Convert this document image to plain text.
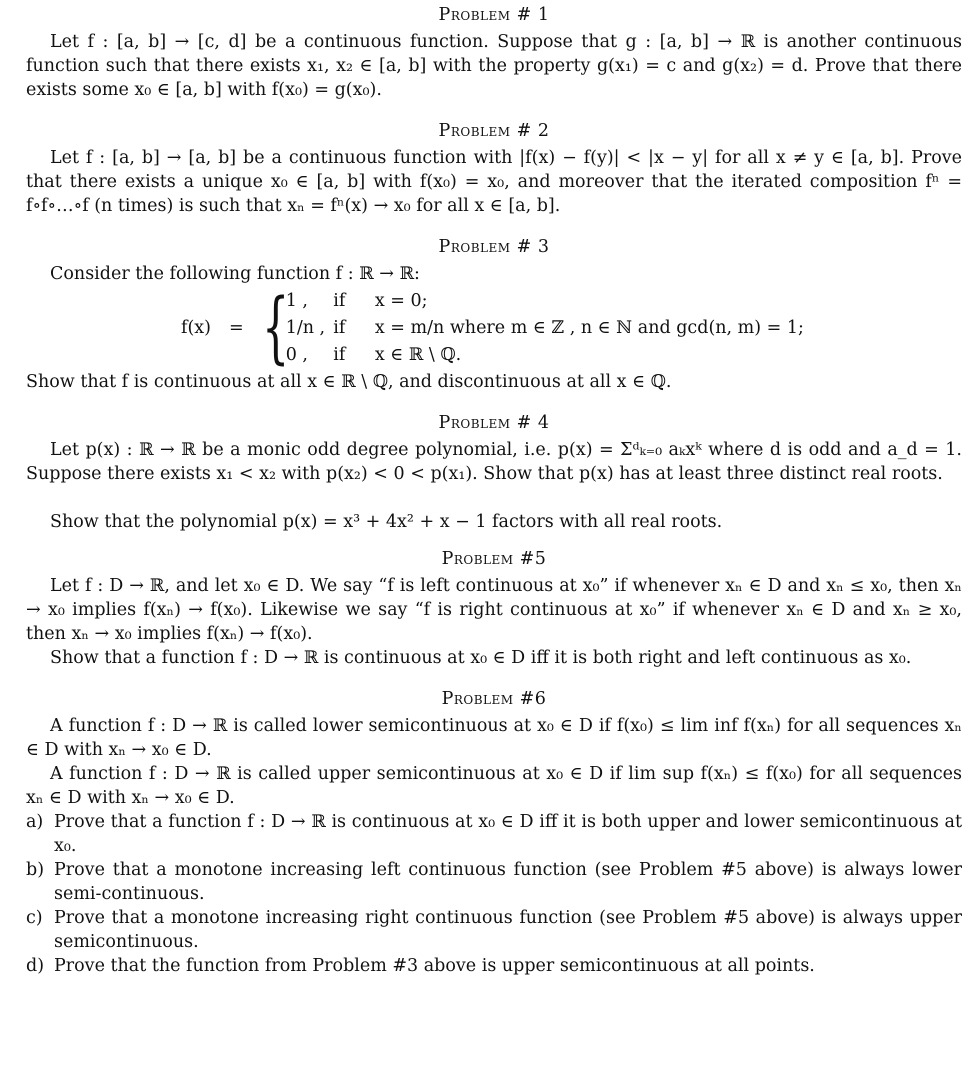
Problem # 1

Let f : [a, b] → [c, d] be a continuous function. Suppose that g : [a, b] → ℝ is another continuous function such that there exists x₁, x₂ ∈ [a, b] with the property g(x₁) = c and g(x₂) = d. Prove that there exists some x₀ ∈ [a, b] with f(x₀) = g(x₀).

Problem # 2

Let f : [a, b] → [a, b] be a continuous function with |f(x) − f(y)| < |x − y| for all x ≠ y ∈ [a, b]. Prove that there exists a unique x₀ ∈ [a, b] with f(x₀) = x₀, and moreover that the iterated composition fⁿ = f∘f∘…∘f (n times) is such that xₙ = fⁿ(x) → x₀ for all x ∈ [a, b].

Problem # 3

Consider the following function f : ℝ → ℝ:

f(x) = {
1 , if x = 0;
1/n , if x = m/n where m ∈ ℤ , n ∈ ℕ and gcd(n, m) = 1;
0 , if x ∈ ℝ \ ℚ.

Show that f is continuous at all x ∈ ℝ \ ℚ, and discontinuous at all x ∈ ℚ.

Problem # 4

Let p(x) : ℝ → ℝ be a monic odd degree polynomial, i.e. p(x) = Σᵈₖ₌₀ aₖxᵏ where d is odd and a_d = 1. Suppose there exists x₁ < x₂ with p(x₂) < 0 < p(x₁). Show that p(x) has at least three distinct real roots.

Show that the polynomial p(x) = x³ + 4x² + x − 1 factors with all real roots.

Problem #5

Let f : D → ℝ, and let x₀ ∈ D. We say “f is left continuous at x₀” if whenever xₙ ∈ D and xₙ ≤ x₀, then xₙ → x₀ implies f(xₙ) → f(x₀). Likewise we say “f is right continuous at x₀” if whenever xₙ ∈ D and xₙ ≥ x₀, then xₙ → x₀ implies f(xₙ) → f(x₀).

Show that a function f : D → ℝ is continuous at x₀ ∈ D iff it is both right and left continuous as x₀.

Problem #6

A function f : D → ℝ is called lower semicontinuous at x₀ ∈ D if f(x₀) ≤ lim inf f(xₙ) for all sequences xₙ ∈ D with xₙ → x₀ ∈ D.

A function f : D → ℝ is called upper semicontinuous at x₀ ∈ D if lim sup f(xₙ) ≤ f(x₀) for all sequences xₙ ∈ D with xₙ → x₀ ∈ D.

a) Prove that a function f : D → ℝ is continuous at x₀ ∈ D iff it is both upper and lower semicontinuous at x₀.
b) Prove that a monotone increasing left continuous function (see Problem #5 above) is always lower semi-continuous.
c) Prove that a monotone increasing right continuous function (see Problem #5 above) is always upper semicontinuous.
d) Prove that the function from Problem #3 above is upper semicontinuous at all points.
